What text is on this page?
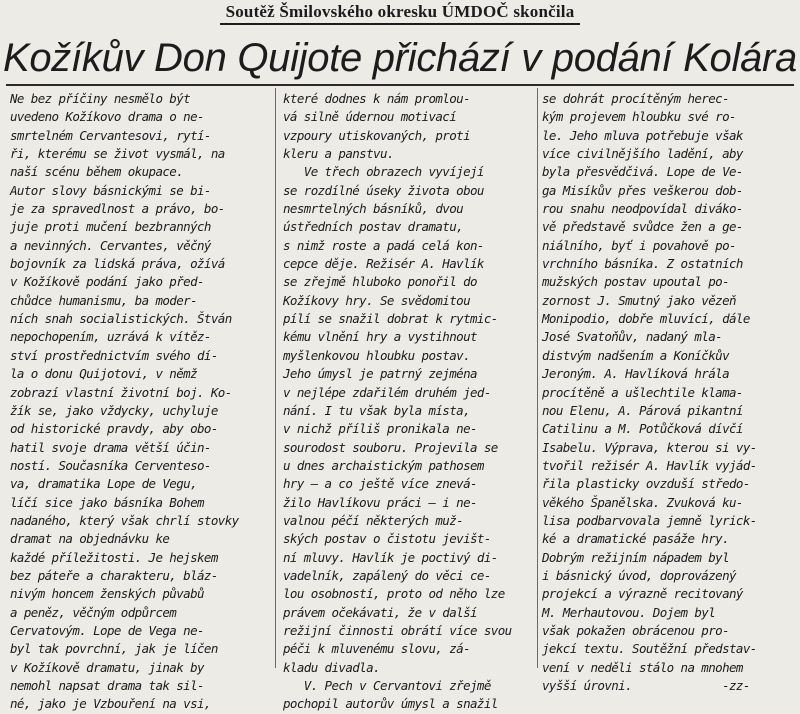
Soutěž Šmilovského okresku ÚMDOČ skončila
Kožíkův Don Quijote přichází v podání Kolára
Ne bez příčiny nesmělo být
uvedeno Kožíkovo drama o ne-
smrtelném Cervantesovi, rytí-
ři, kterému se život vysmál, na
naší scénu během okupace.
Autor slovy básnickými se bi-
je za spravedlnost a právo, bo-
juje proti mučení bezbranných
a nevinných. Cervantes, věčný
bojovník za lidská práva, ožívá
v Kožíkově podání jako před-
chůdce humanismu, ba moder-
ních snah socialistických. Štván
nepochopením, uzrává k vítěz-
ství prostřednictvím svého dí-
la o donu Quijotovi, v němž
zobrazí vlastní životní boj. Ko-
žík se, jako vždycky, uchyluje
od historické pravdy, aby obo-
hatil svoje drama větší účin-
ností. Současníka Cerventeso-
va, dramatika Lope de Vegu,
líčí sice jako básníka Bohem
nadaného, který však chrlí stovky
dramat na objednávku ke
každé příležitosti. Je hejskem
bez páteře a charakteru, bláz-
nivým honcem ženských půvabů
a peněz, věčným odpůrcem
Cervatovým. Lope de Vega ne-
byl tak povrchní, jak je líčen
v Kožíkově dramatu, jinak by
nemohl napsat drama tak sil-
né, jako je Vzbouření na vsi,
které dodnes k nám promlou-
vá silně údernou motivací
vzpoury utiskovaných, proti
kleru a panstvu.
Ve třech obrazech vyvíjejí
se rozdílné úseky života obou
nesmrtelných básníků, dvou
ústředních postav dramatu,
s nimž roste a padá celá kon-
cepce děje. Režisér A. Havlík
se zřejmě hluboko ponořil do
Kožíkovy hry. Se svědomitou
pílí se snažil dobrat k rytmic-
kému vlnění hry a vystihnout
myšlenkovou hloubku postav.
Jeho úmysl je patrný zejména
v nejlépe zdařilém druhém jed-
nání. I tu však byla místa,
v nichž příliš pronikala ne-
sourodost souboru. Projevila se
u dnes archaistickým pathosem
hry — a co ještě více znevá-
žilo Havlíkovu práci — i ne-
valnou péčí některých muž-
ských postav o čistotu jevišt-
ní mluvy. Havlík je poctivý di-
vadelník, zapálený do věci ce-
lou osobností, proto od něho lze
právem očekávati, že v další
režijní činnosti obrátí více svou
péči k mluvenému slovu, zá-
kladu divadla.
V. Pech v Cervantovi zřejmě
pochopil autorův úmysl a snažil
se dohrát procítěným herec-
kým projevem hloubku své ro-
le. Jeho mluva potřebuje však
více civilnějšího ladění, aby
byla přesvědčivá. Lope de Ve-
ga Misíkův přes veškerou dob-
rou snahu neodpovídal divákо-
vě představě svůdce žen a ge-
niálního, byť i povahově po-
vrchního básníka. Z ostatních
mužských postav upoutal po-
zornost J. Smutný jako vězeň
Monipodio, dobře mluvící, dále
José Svatoňův, nadaný mla-
distvým nadšením a Koníčkův
Jeroným. A. Havlíková hrála
procítěně a ušlechtile klama-
nou Elenu, A. Párová pikantní
Catilinu a M. Potůčková dívčí
Isabelu. Výprava, kterou si vy-
tvořil režisér A. Havlík vyjád-
řila plasticky ovzduší středo-
věkého Španělska. Zvuková ku-
lisa podbarvovala jemně lyrick-
ké a dramatické pasáže hry.
Dobrým režijním nápadem byl
i básnický úvod, doprovázený
projekcí a výrazně recitovaný
M. Merhautovou. Dojem byl
však pokažen obrácenou pro-
jekcí textu. Soutěžní představ-
vení v neděli stálo na mnohem
vyšší úrovni.             -zz-
